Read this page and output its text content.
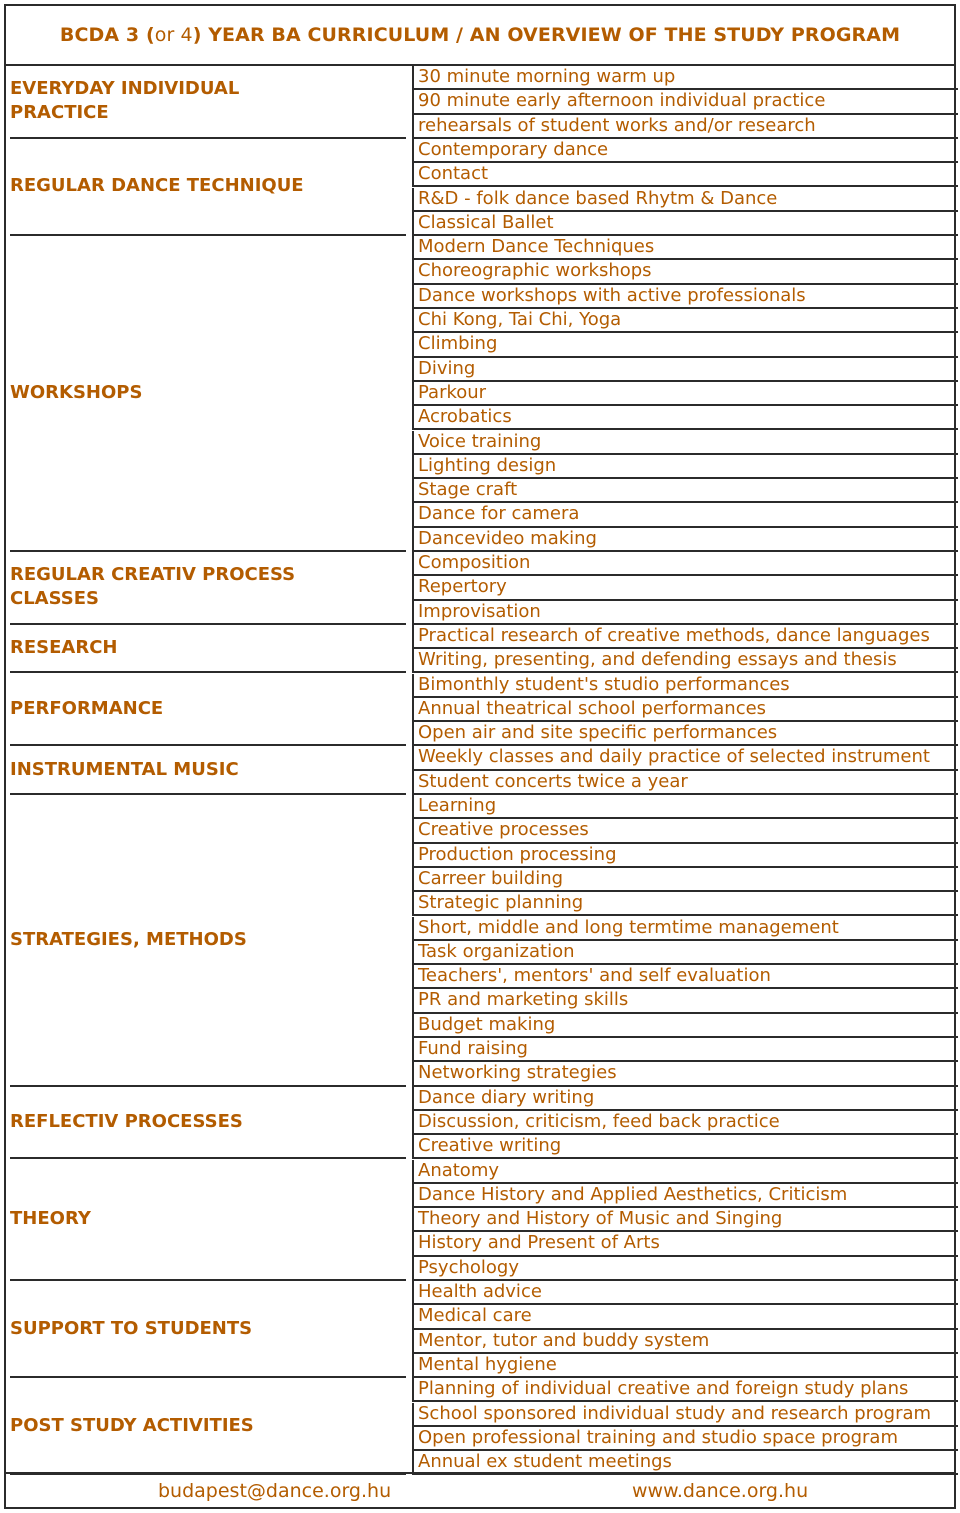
BCDA 3 ( or 4 ) YEAR BA CURRICULUM / AN OVERVIEW OF THE STUDY PROGRAM
EVERYDAY INDIVIDUAL PRACTICE
REGULAR DANCE TECHNIQUE
WORKSHOPS
REGULAR CREATIV PROCESS CLASSES
RESEARCH
PERFORMANCE
INSTRUMENTAL MUSIC
STRATEGIES, METHODS
REFLECTIV PROCESSES
THEORY
SUPPORT TO STUDENTS
POST STUDY ACTIVITIES
30 minute morning warm up
90 minute early afternoon individual practice
rehearsals of student works and/or research
Contemporary dance
Contact
R&D - folk dance based Rhytm & Dance
Classical Ballet
Modern Dance Techniques
Choreographic workshops
Dance workshops with active professionals
Chi Kong, Tai Chi, Yoga
Climbing
Diving
Parkour
Acrobatics
Voice training
Lighting design
Stage craft
Dance for camera
Dancevideo making
Composition
Repertory
Improvisation
Practical research of creative methods, dance languages
Writing, presenting, and defending essays and thesis
Bimonthly student's studio performances
Annual theatrical school performances
Open air and site specific performances
Weekly classes and daily practice of selected instrument
Student concerts twice a year
Learning
Creative processes
Production processing
Carreer building
Strategic planning
Short, middle and long termtime management
Task organization
Teachers', mentors' and self evaluation
PR and marketing skills
Budget making
Fund raising
Networking strategies
Dance diary writing
Discussion, criticism, feed back practice
Creative writing
Anatomy
Dance History and Applied Aesthetics, Criticism
Theory and History of Music and Singing
History and Present of Arts
Psychology
Health advice
Medical care
Mentor, tutor and buddy system
Mental hygiene
Planning of individual creative and foreign study plans
School sponsored individual study and research program
Open professional training and studio space program
Annual ex student meetings
budapest@dance.org.hu	www.dance.org.hu
